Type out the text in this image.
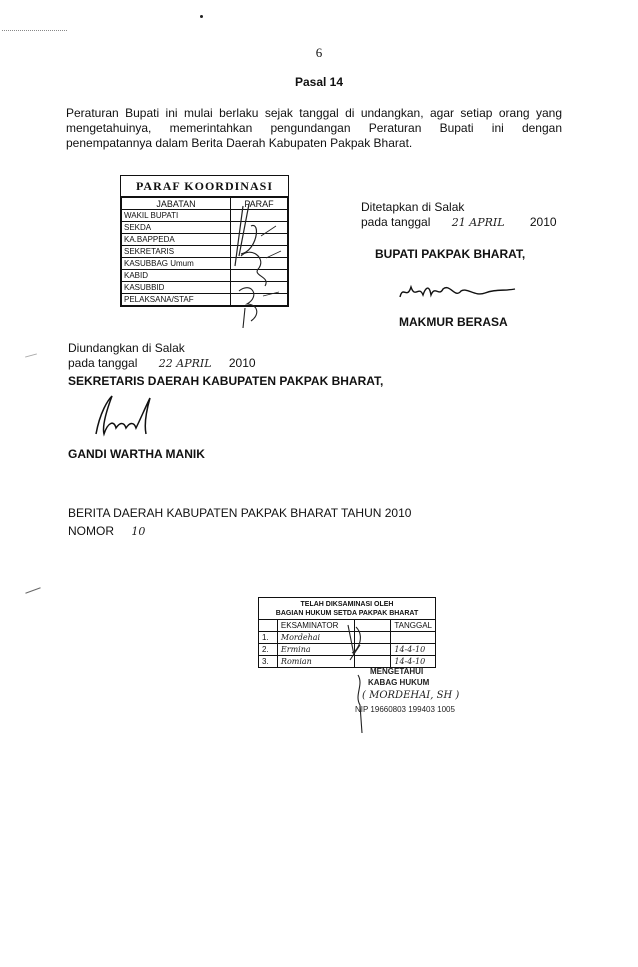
6
Pasal 14
Peraturan Bupati ini mulai berlaku sejak tanggal di undangkan, agar setiap orang yang
mengetahuinya, memerintahkan pengundangan Peraturan Bupati ini dengan
penempatannya dalam Berita Daerah Kabupaten Pakpak Bharat.
PARAF KOORDINASI
JABATAN	PARAF
WAKIL BUPATI	
SEKDA	
KA.BAPPEDA	
SEKRETARIS	
KASUBBAG Umum	
KABID	
KASUBBID	
PELAKSANA/STAF	
Ditetapkan di Salak
pada tanggal 21 APRIL 2010
BUPATI PAKPAK BHARAT,
MAKMUR BERASA
Diundangkan di Salak
pada tanggal 22 APRIL 2010
SEKRETARIS DAERAH KABUPATEN PAKPAK BHARAT,
GANDI WARTHA MANIK
BERITA DAERAH KABUPATEN PAKPAK BHARAT TAHUN 2010
NOMOR 10
TELAH DIKSAMINASI OLEH
BAGIAN HUKUM SETDA PAKPAK BHARAT
	EKSAMINATOR		TANGGAL
1.	Mordehai		
2.	Ermina		14-4-10
3.	Romian		14-4-10
MENGETAHUI
KABAG HUKUM
( MORDEHAI, SH )
NIP 19660803 199403 1005
